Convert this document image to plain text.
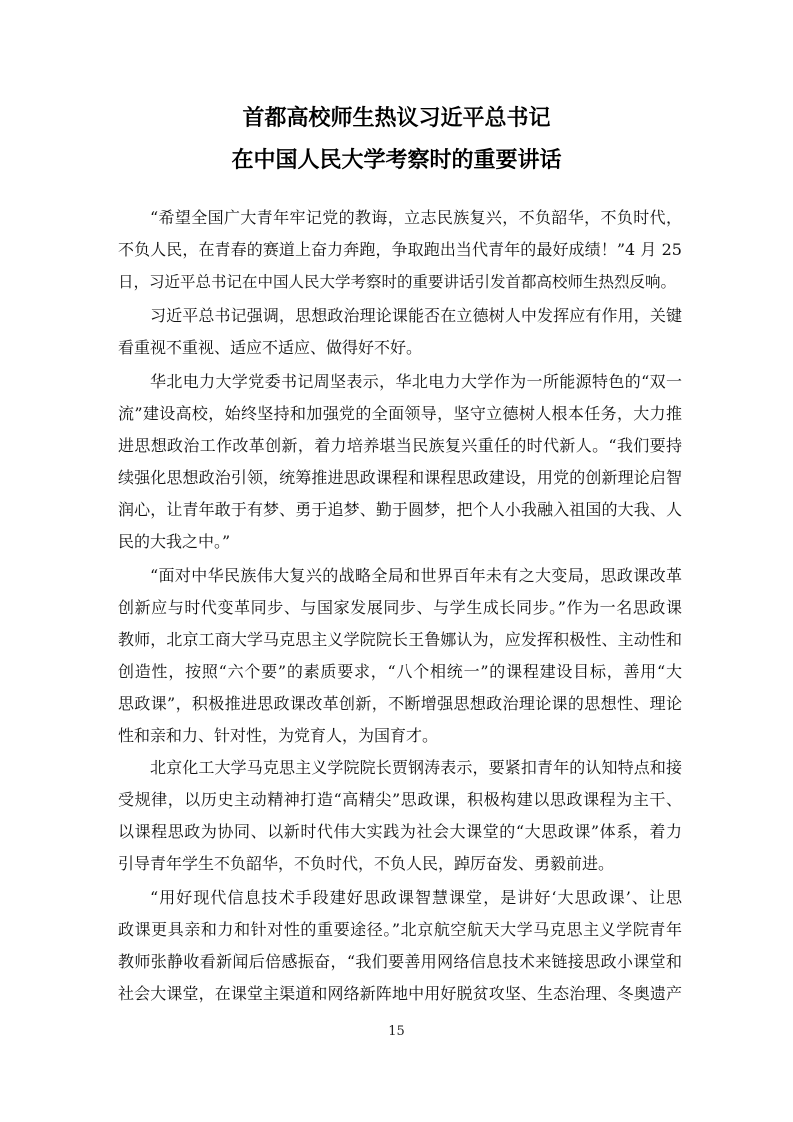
首都高校师生热议习近平总书记
在中国人民大学考察时的重要讲话
“希望全国广大青年牢记党的教诲，立志民族复兴，不负韶华，不负时代，
不负人民，在青春的赛道上奋力奔跑，争取跑出当代青年的最好成绩！”4 月 25
日，习近平总书记在中国人民大学考察时的重要讲话引发首都高校师生热烈反响。
习近平总书记强调，思想政治理论课能否在立德树人中发挥应有作用，关键
看重视不重视、适应不适应、做得好不好。
华北电力大学党委书记周坚表示，华北电力大学作为一所能源特色的“双一
流”建设高校，始终坚持和加强党的全面领导，坚守立德树人根本任务，大力推
进思想政治工作改革创新，着力培养堪当民族复兴重任的时代新人。“我们要持
续强化思想政治引领，统筹推进思政课程和课程思政建设，用党的创新理论启智
润心，让青年敢于有梦、勇于追梦、勤于圆梦，把个人小我融入祖国的大我、人
民的大我之中。”
“面对中华民族伟大复兴的战略全局和世界百年未有之大变局，思政课改革
创新应与时代变革同步、与国家发展同步、与学生成长同步。”作为一名思政课
教师，北京工商大学马克思主义学院院长王鲁娜认为，应发挥积极性、主动性和
创造性，按照“六个要”的素质要求，“八个相统一”的课程建设目标，善用“大
思政课”，积极推进思政课改革创新，不断增强思想政治理论课的思想性、理论
性和亲和力、针对性，为党育人，为国育才。
北京化工大学马克思主义学院院长贾钢涛表示，要紧扣青年的认知特点和接
受规律，以历史主动精神打造“高精尖”思政课，积极构建以思政课程为主干、
以课程思政为协同、以新时代伟大实践为社会大课堂的“大思政课”体系，着力
引导青年学生不负韶华，不负时代，不负人民，踔厉奋发、勇毅前进。
“用好现代信息技术手段建好思政课智慧课堂，是讲好‘大思政课’、让思
政课更具亲和力和针对性的重要途径。”北京航空航天大学马克思主义学院青年
教师张静收看新闻后倍感振奋，“我们要善用网络信息技术来链接思政小课堂和
社会大课堂，在课堂主渠道和网络新阵地中用好脱贫攻坚、生态治理、冬奥遗产
15
